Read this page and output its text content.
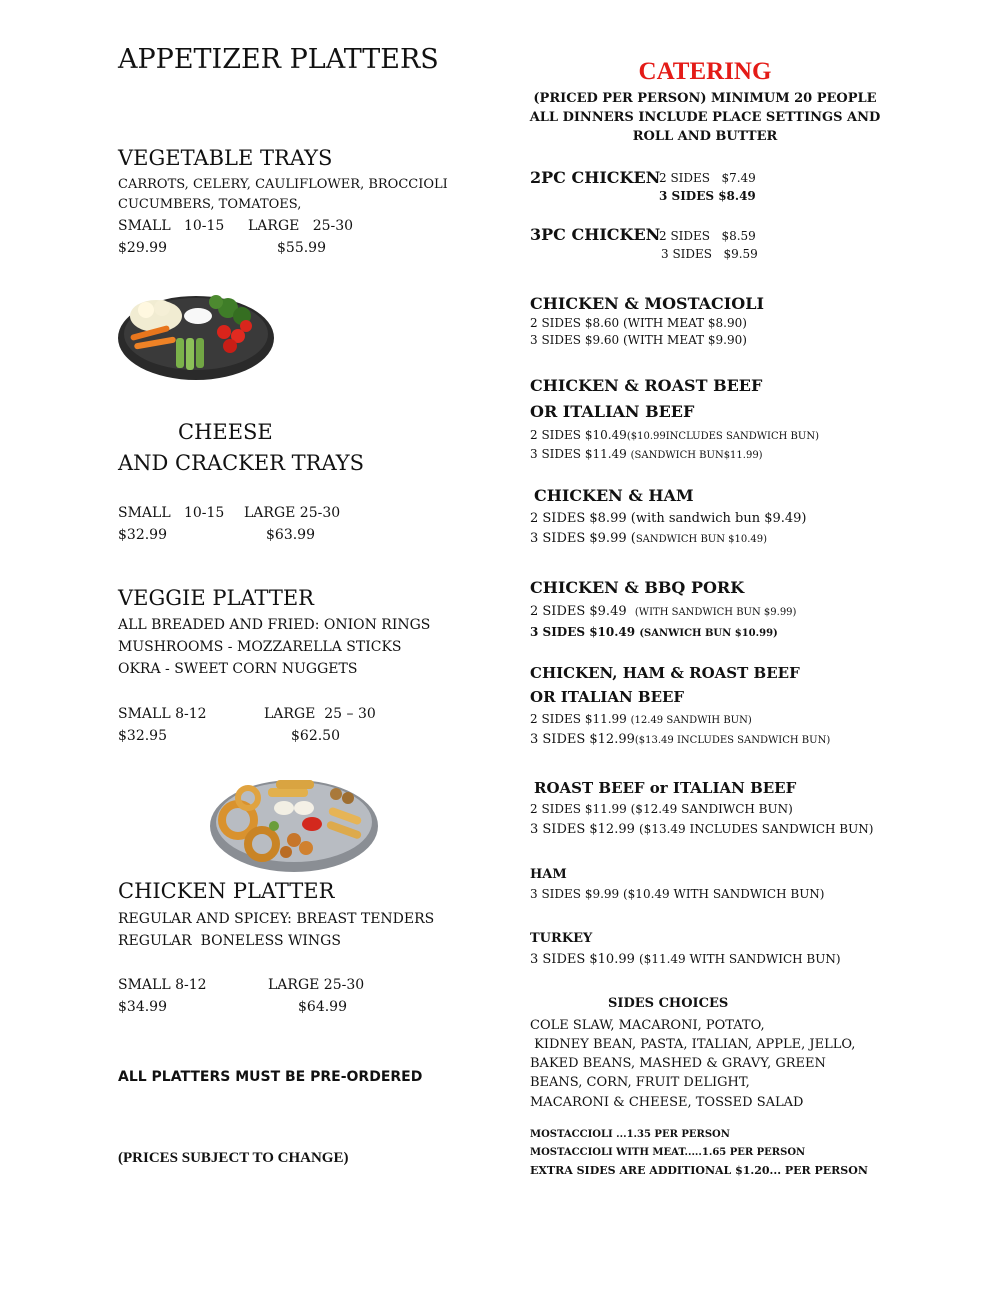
APPETIZER PLATTERS
VEGETABLE TRAYS
CARROTS, CELERY, CAULIFLOWER, BROCCIOLI
CUCUMBERS, TOMATOES,
SMALL   10-15 LARGE   25-30
$29.99	$55.99
CHEESE
AND CRACKER TRAYS
SMALL   10-15 LARGE 25-30
$32.99	$63.99
VEGGIE PLATTER
ALL BREADED AND FRIED: ONION RINGS
MUSHROOMS - MOZZARELLA STICKS
OKRA - SWEET CORN NUGGETS
SMALL 8-12	LARGE  25 – 30
$32.95	$62.50
CHICKEN PLATTER
REGULAR AND SPICEY: BREAST TENDERS
REGULAR  BONELESS WINGS
SMALL 8-12	LARGE 25-30
$34.99	$64.99
ALL PLATTERS MUST BE PRE-ORDERED
(PRICES SUBJECT TO CHANGE)
CATERING
(PRICED PER PERSON) MINIMUM 20 PEOPLE
ALL DINNERS INCLUDE PLACE SETTINGS AND
ROLL AND BUTTER
2PC CHICKEN
2 SIDES   $7.49
3 SIDES $8.49
3PC CHICKEN
2 SIDES   $8.59
3 SIDES   $9.59
CHICKEN & MOSTACIOLI
2 SIDES $8.60 (WITH MEAT $8.90)
3 SIDES $9.60 (WITH MEAT $9.90)
CHICKEN & ROAST BEEF
OR ITALIAN BEEF
2 SIDES $10.49($10.99INCLUDES SANDWICH BUN)
3 SIDES $11.49 (SANDWICH BUN$11.99)
CHICKEN & HAM
2 SIDES $8.99 (with sandwich bun $9.49)
3 SIDES $9.99 (SANDWICH BUN $10.49)
CHICKEN & BBQ PORK
2 SIDES $9.49  (WITH SANDWICH BUN $9.99)
3 SIDES $10.49 (SANWICH BUN $10.99)
CHICKEN, HAM & ROAST BEEF
OR ITALIAN BEEF
2 SIDES $11.99 (12.49 SANDWIH BUN)
3 SIDES $12.99($13.49 INCLUDES SANDWICH BUN)
ROAST BEEF or ITALIAN BEEF
2 SIDES $11.99 ($12.49 SANDIWCH BUN)
3 SIDES $12.99 ($13.49 INCLUDES SANDWICH BUN)
HAM
3 SIDES $9.99 ($10.49 WITH SANDWICH BUN)
TURKEY
3 SIDES $10.99 ($11.49 WITH SANDWICH BUN)
SIDES CHOICES
COLE SLAW, MACARONI, POTATO,
KIDNEY BEAN, PASTA, ITALIAN, APPLE, JELLO,
BAKED BEANS, MASHED & GRAVY, GREEN
BEANS, CORN, FRUIT DELIGHT,
MACARONI & CHEESE, TOSSED SALAD
MOSTACCIOLI ...1.35 PER PERSON
MOSTACCIOLI WITH MEAT.....1.65 PER PERSON
EXTRA SIDES ARE ADDITIONAL $1.20... PER PERSON
